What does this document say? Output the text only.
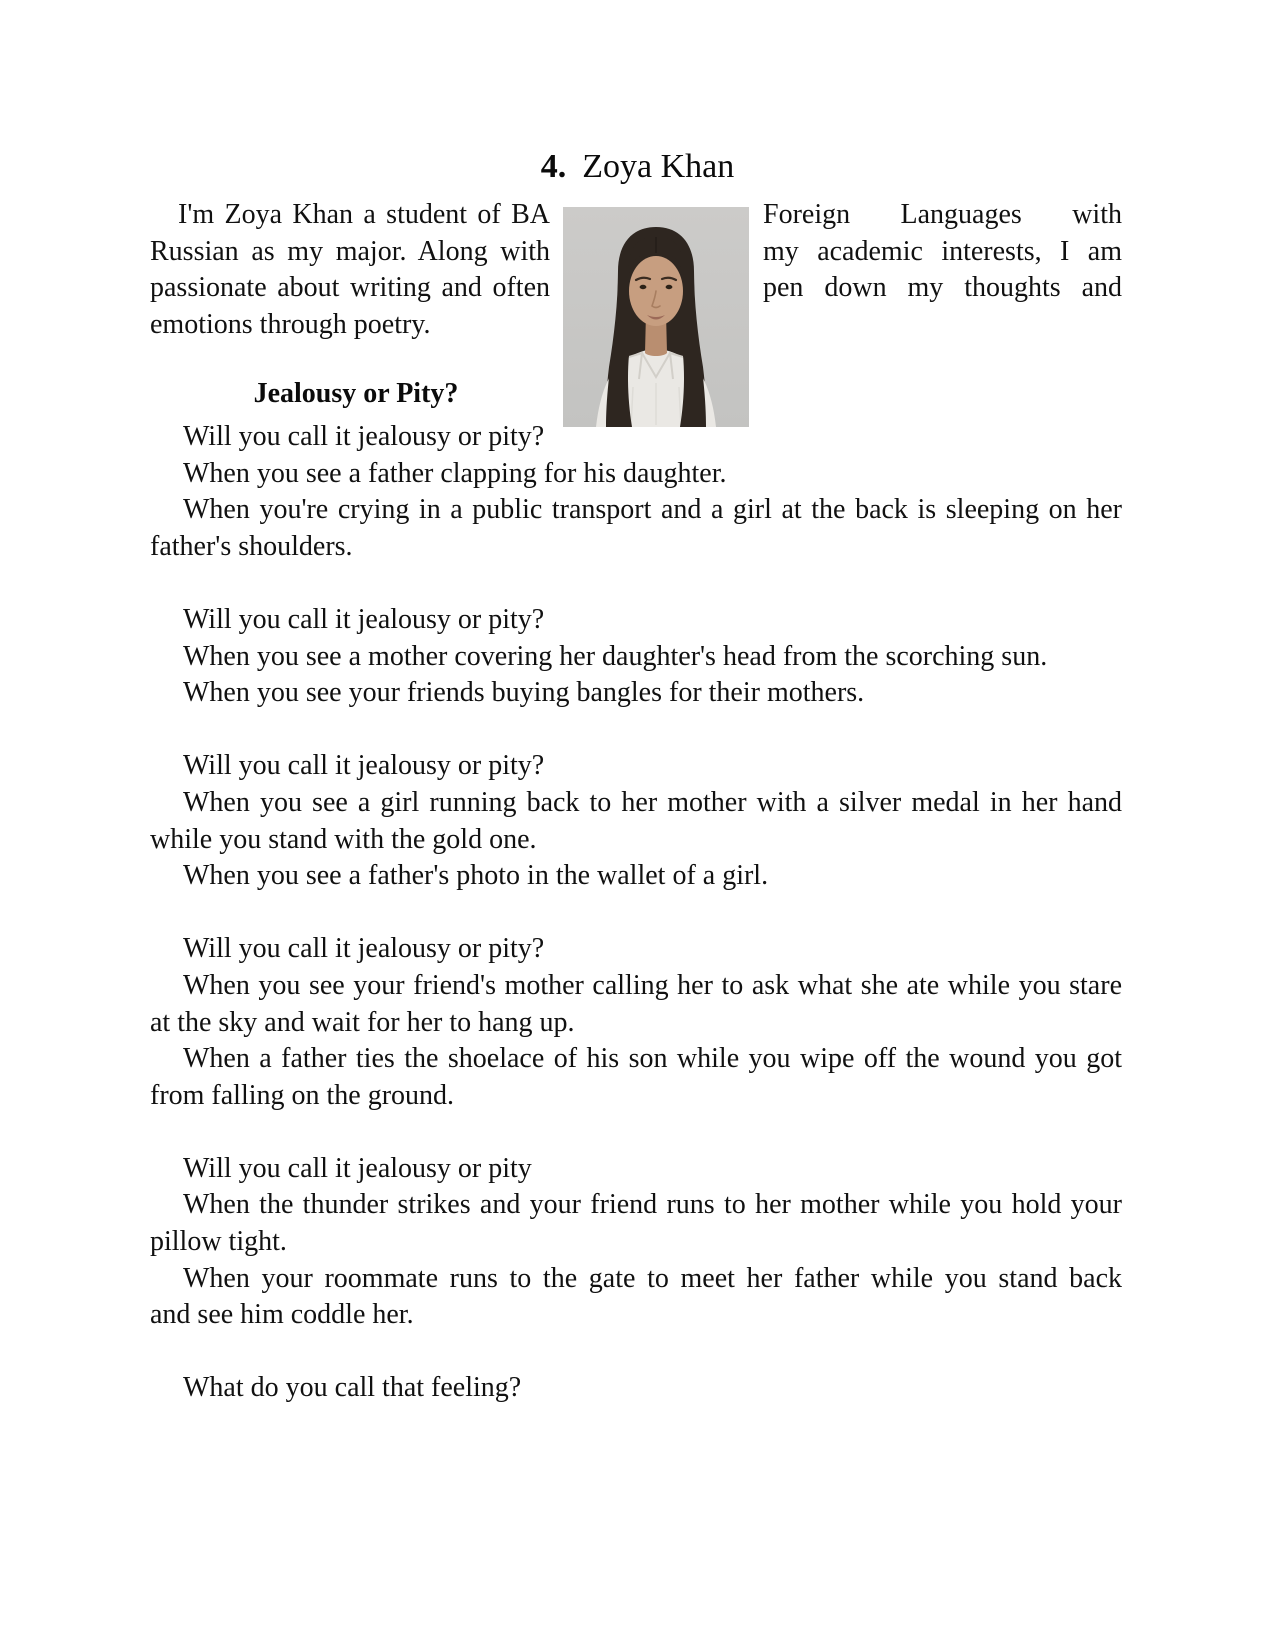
4. Zoya Khan
I'm Zoya Khan a student of BA
Russian as my major. Along with
passionate about writing and often
emotions through poetry.
Foreign Languages with
my academic interests, I am
pen down my thoughts and
Jealousy or Pity?
Will you call it jealousy or pity?
When you see a father clapping for his daughter.
When you're crying in a public transport and a girl at the back is sleeping on her
father's shoulders.
Will you call it jealousy or pity?
When you see a mother covering her daughter's head from the scorching sun.
When you see your friends buying bangles for their mothers.
Will you call it jealousy or pity?
When you see a girl running back to her mother with a silver medal in her hand
while you stand with the gold one.
When you see a father's photo in the wallet of a girl.
Will you call it jealousy or pity?
When you see your friend's mother calling her to ask what she ate while you stare
at the sky and wait for her to hang up.
When a father ties the shoelace of his son while you wipe off the wound you got
from falling on the ground.
Will you call it jealousy or pity
When the thunder strikes and your friend runs to her mother while you hold your
pillow tight.
When your roommate runs to the gate to meet her father while you stand back
and see him coddle her.
What do you call that feeling?
